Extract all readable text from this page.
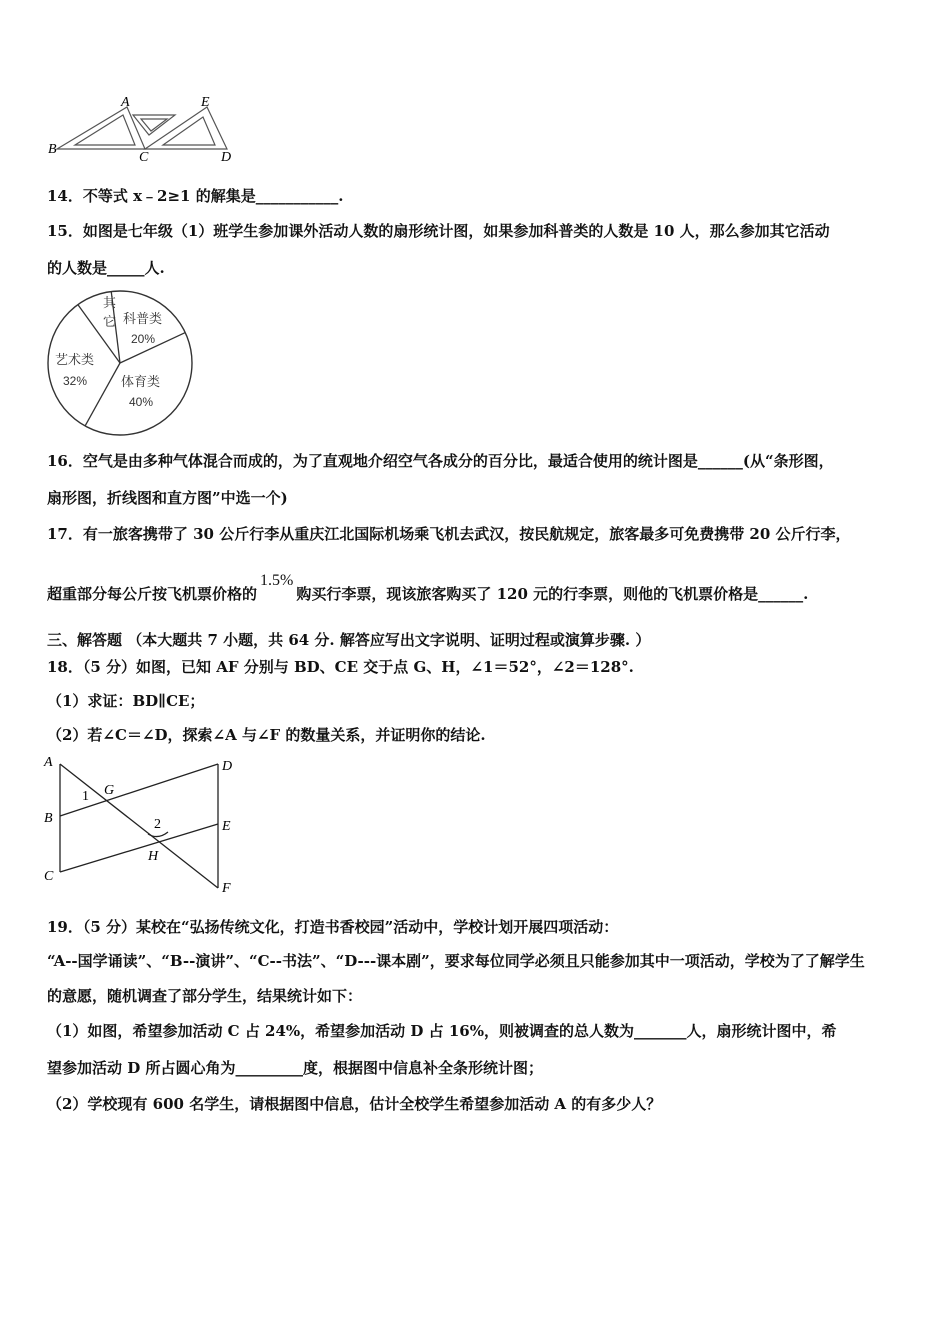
A	E
B
C	D
14．不等式 x﹣2≥1 的解集是___________.
15．如图是七年级（1）班学生参加课外活动人数的扇形统计图，如果参加科普类的人数是 10 人，那么参加其它活动
的人数是_____人.
其
它 科普类
20%
艺术类
32%	体育类
40%
16．空气是由多种气体混合而成的，为了直观地介绍空气各成分的百分比，最适合使用的统计图是______(从“条形图，
扇形图，折线图和直方图”中选一个)
17．有一旅客携带了 30 公斤行李从重庆江北国际机场乘飞机去武汉，按民航规定，旅客最多可免费携带 20 公斤行李，
超重部分每公斤按飞机票价格的1.5%购买行李票，现该旅客购买了 120 元的行李票，则他的飞机票价格是______.
三、解答题 （本大题共 7 小题，共 64 分. 解答应写出文字说明、证明过程或演算步骤. ）
18．（5 分）如图，已知 AF 分别与 BD、CE 交于点 G、H，∠1＝52°，∠2＝128°.
（1）求证：BD∥CE；
（2）若∠C＝∠D，探索∠A 与∠F 的数量关系，并证明你的结论.
A	D
B
E
C
F
G
H
1
2
19．（5 分）某校在“弘扬传统文化，打造书香校园”活动中，学校计划开展四项活动：
“A--国学诵读”、“B--演讲”、“C--书法”、“D---课本剧”，要求每位同学必须且只能参加其中一项活动，学校为了了解学生
的意愿，随机调查了部分学生，结果统计如下：
（1）如图，希望参加活动 C 占 24%，希望参加活动 D 占 16%，则被调查的总人数为_______人，扇形统计图中，希
望参加活动 D 所占圆心角为_________度，根据图中信息补全条形统计图；
（2）学校现有 600 名学生，请根据图中信息，估计全校学生希望参加活动 A 的有多少人？
